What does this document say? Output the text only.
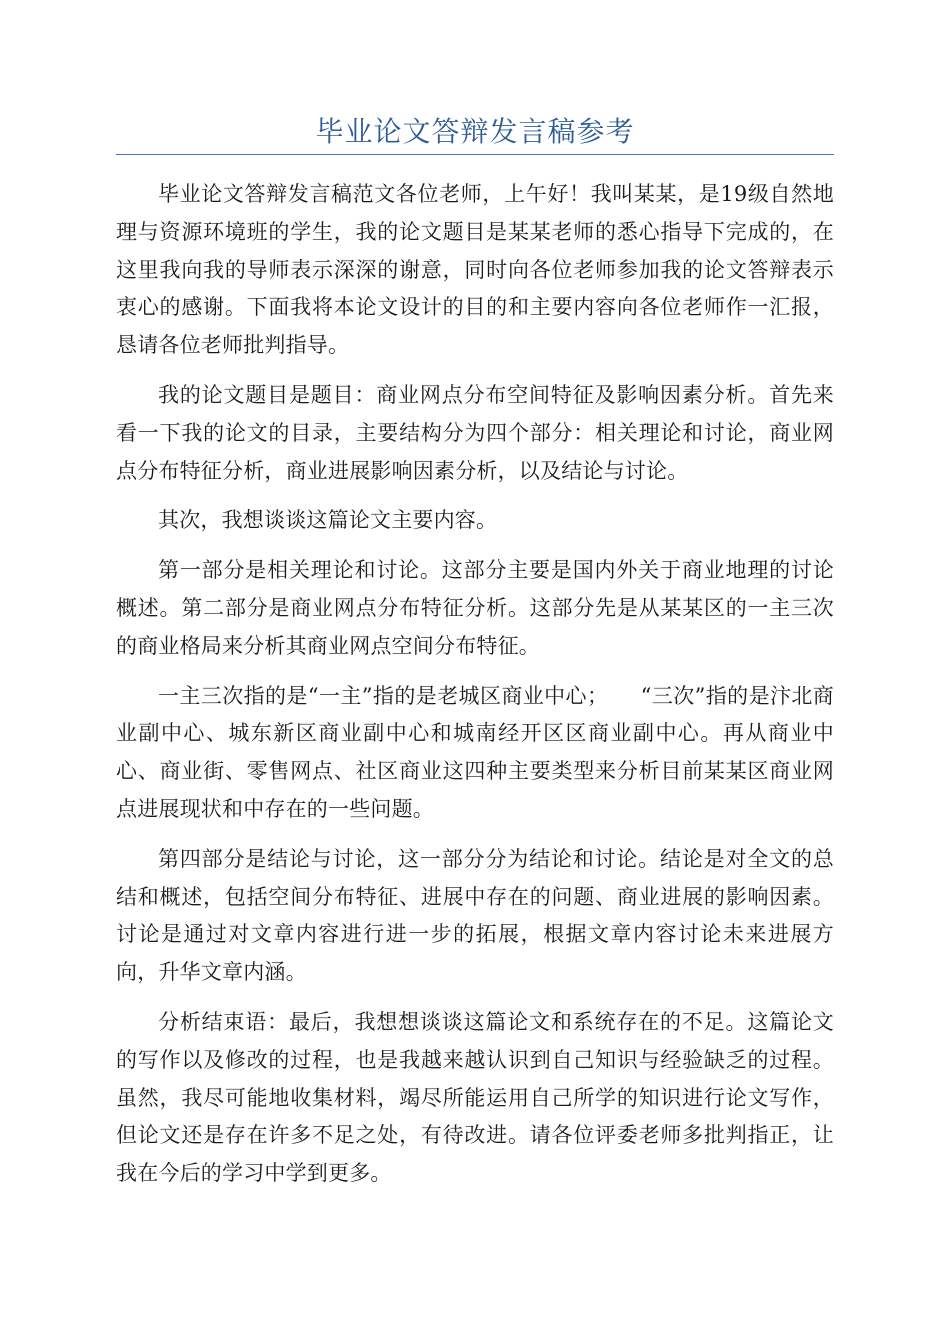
毕业论文答辩发言稿参考

毕业论文答辩发言稿范文各位老师，上午好！我叫某某，是19级自然地理与资源环境班的学生，我的论文题目是某某老师的悉心指导下完成的，在这里我向我的导师表示深深的谢意，同时向各位老师参加我的论文答辩表示衷心的感谢。下面我将本论文设计的目的和主要内容向各位老师作一汇报，恳请各位老师批判指导。

我的论文题目是题目：商业网点分布空间特征及影响因素分析。首先来看一下我的论文的目录，主要结构分为四个部分：相关理论和讨论，商业网点分布特征分析，商业进展影响因素分析，以及结论与讨论。

其次，我想谈谈这篇论文主要内容。

第一部分是相关理论和讨论。这部分主要是国内外关于商业地理的讨论概述。第二部分是商业网点分布特征分析。这部分先是从某某区的一主三次的商业格局来分析其商业网点空间分布特征。

一主三次指的是“一主”指的是老城区商业中心；　　“三次”指的是汴北商业副中心、城东新区商业副中心和城南经开区区商业副中心。再从商业中心、商业街、零售网点、社区商业这四种主要类型来分析目前某某区商业网点进展现状和中存在的一些问题。

第四部分是结论与讨论，这一部分分为结论和讨论。结论是对全文的总结和概述，包括空间分布特征、进展中存在的问题、商业进展的影响因素。讨论是通过对文章内容进行进一步的拓展，根据文章内容讨论未来进展方向，升华文章内涵。

分析结束语：最后，我想想谈谈这篇论文和系统存在的不足。这篇论文的写作以及修改的过程，也是我越来越认识到自己知识与经验缺乏的过程。虽然，我尽可能地收集材料，竭尽所能运用自己所学的知识进行论文写作，但论文还是存在许多不足之处，有待改进。请各位评委老师多批判指正，让我在今后的学习中学到更多。
